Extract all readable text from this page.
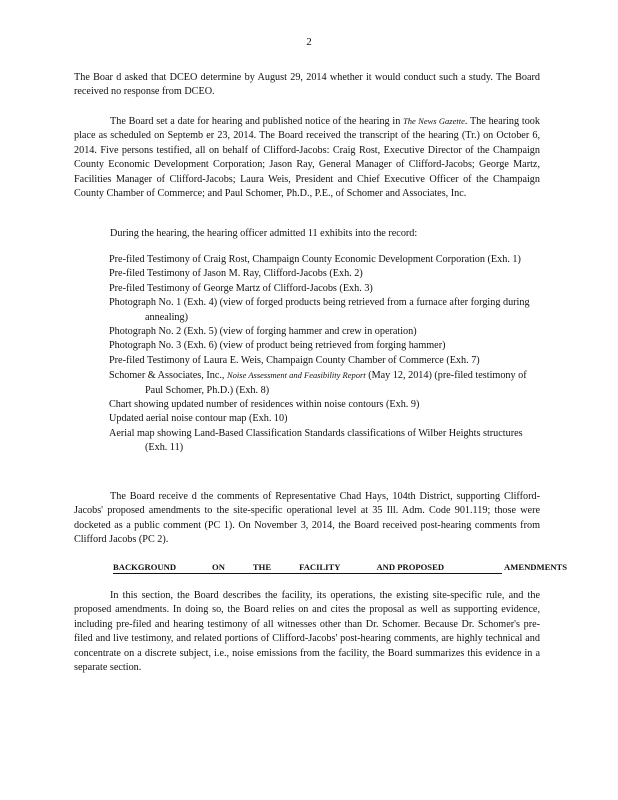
2

The Boar d asked that DCEO determine by August 29, 2014 whether it would conduct such a study. The Board received no response from DCEO.

The Board set a date for hearing and published notice of the hearing in The News Gazette. The hearing took place as scheduled on Septemb er 23, 2014. The Board received the transcript of the hearing (Tr.) on October 6, 2014. Five persons testified, all on behalf of Clifford-Jacobs: Craig Rost, Executive Director of the Champaign County Economic Development Corporation; Jason Ray, General Manager of Clifford-Jacobs; George Martz, Facilities Manager of Clifford-Jacobs; Laura Weis, President and Chief Executive Officer of the Champaign County Chamber of Commerce; and Paul Schomer, Ph.D., P.E., of Schomer and Associates, Inc.

During the hearing, the hearing officer admitted 11 exhibits into the record:

Pre-filed Testimony of Craig Rost, Champaign County Economic Development Corporation (Exh. 1)
Pre-filed Testimony of Jason M. Ray, Clifford-Jacobs (Exh. 2)
Pre-filed Testimony of George Martz of Clifford-Jacobs (Exh. 3)
Photograph No. 1 (Exh. 4) (view of forged products being retrieved from a furnace after forging during annealing)
Photograph No. 2 (Exh. 5) (view of forging hammer and crew in operation)
Photograph No. 3 (Exh. 6) (view of product being retrieved from forging hammer)
Pre-filed Testimony of Laura E. Weis, Champaign County Chamber of Commerce (Exh. 7)
Schomer & Associates, Inc., Noise Assessment and Feasibility Report (May 12, 2014) (pre-filed testimony of Paul Schomer, Ph.D.) (Exh. 8)
Chart showing updated number of residences within noise contours (Exh. 9)
Updated aerial noise contour map (Exh. 10)
Aerial map showing Land-Based Classification Standards classifications of Wilber Heights structures (Exh. 11)

The Board receive d the comments of Representative Chad Hays, 104th District, supporting Clifford-Jacobs' proposed amendments to the site-specific operational level at 35 Ill. Adm. Code 901.119; those were docketed as a public comment (PC 1). On November 3, 2014, the Board received post-hearing comments from Clifford Jacobs (PC 2).

BACKGROUND	ON	THE	FACILITY	AND PROPOSED	AMENDMENTS

In this section, the Board describes the facility, its operations, the existing site-specific rule, and the proposed amendments. In doing so, the Board relies on and cites the proposal as well as supporting evidence, including pre-filed and hearing testimony of all witnesses other than Dr. Schomer. Because Dr. Schomer's pre-filed and live testimony, and related portions of Clifford-Jacobs' post-hearing comments, are highly technical and concentrate on a discrete subject, i.e., noise emissions from the facility, the Board summarizes this evidence in a separate section.
